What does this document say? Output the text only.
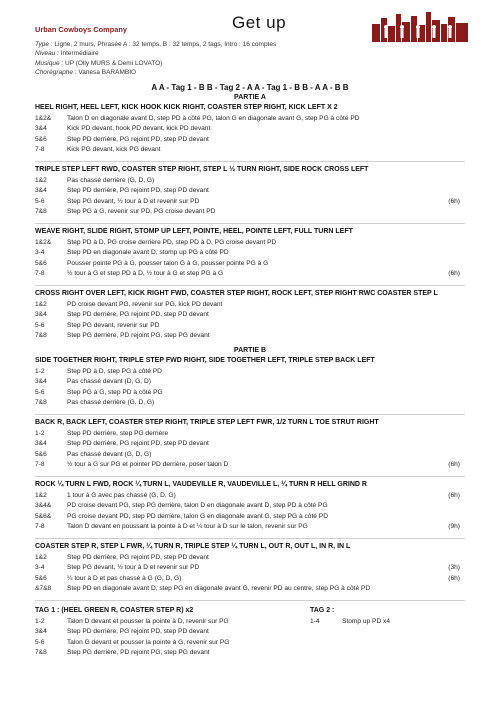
Urban Cowboys Company	Get up
Type : Ligne, 2 murs, Phrasée A : 32 temps, B : 32 temps, 2 tags, Intro : 16 comptes
Niveau : Intermédiaire
Musique : UP (Olly MURS & Demi LOVATO)
Chorégraphe : Vanesa BARAMBIO
A A - Tag 1 - B B - Tag 2 - A A - Tag 1 - B B - A A - B B
PARTIE A
HEEL RIGHT, HEEL LEFT, KICK HOOK KICK RIGHT, COASTER STEP RIGHT, KICK LEFT X 2
1&2&	Talon D en diagonale avant D, step PD à côté PG, talon G en diagonale avant G, step PG à côté PD
3&4	Kick PD devant, hook PD devant, kick PD devant
5&6	Step PD derrière, PG rejoint PD, step PD devant
7-8	Kick PG devant, kick PG devant
TRIPLE STEP LEFT RWD, COASTER STEP RIGHT, STEP L ½ TURN RIGHT, SIDE ROCK CROSS LEFT
1&2	Pas chassé derrière (G, D, G)
3&4	Step PD derrière, PG rejoint PD, step PD devant
5-6	Step PG devant, ½ tour à D et revenir sur PD	(6h)
7&8	Step PG à G, revenir sur PD, PG croise devant PD
WEAVE RIGHT, SLIDE RIGHT, STOMP UP LEFT, POINTE, HEEL, POINTE LEFT, FULL TURN LEFT
1&2&	Step PD à D, PG croise derrière PD, step PD à D, PG croise devant PD
3-4	Step PD en diagonale avant D, stomp up PG à côté PD
5&6	Pousser pointe PG à G, pousser talon G à G, pousser pointe PG à G
7-8	½ tour à G et step PD à D, ½ tour à G et step PG à G	(6h)
CROSS RIGHT OVER LEFT, KICK RIGHT FWD, COASTER STEP RIGHT, ROCK LEFT, STEP RIGHT RWC COASTER STEP L
1&2	PD croise devant PG, revenir sur PG, kick PD devant
3&4	Step PD derrière, PG rejoint PD, step PD devant
5-6	Step PG devant, revenir sur PD
7&8	Step PG derrière, PD rejoint PG, step PG devant
PARTIE B
SIDE TOGETHER RIGHT, TRIPLE STEP FWD RIGHT, SIDE TOGETHER LEFT, TRIPLE STEP BACK LEFT
1-2	Step PD à D, step PG à côté PD
3&4	Pas chassé devant (D, G, D)
5-6	Step PG à G, step PD à côté PG
7&8	Pas chassé derrière (G, D, G)
BACK R, BACK LEFT, COASTER STEP RIGHT, TRIPLE STEP LEFT FWR, 1/2 TURN L TOE STRUT RIGHT
1-2	Step PD derrière, step PG derrière
3&4	Step PD derrière, PG rejoint PD, step PD devant
5&6	Pas chassé devant (G, D, G)
7-8	½ tour à G sur PG et pointer PD derrière, poser talon D	(6h)
ROCK ¼ TURN L FWD, ROCK ¼ TURN L, VAUDEVILLE R, VAUDEVILLE L, ¼ TURN R HELL GRIND R
1&2	1 tour à G avec pas chassé (G, D, G)	(6h)
3&4&	PD croise devant PG, step PG derrière, talon D en diagonale avant D, step PD à côté PG
5&6&	PG croise devant PD, step PD derrière, talon G en diagonale avant G, step PG à côté PD
7-8	Talon D devant en poussant la pointe à D et ¼ tour à D sur le talon, revenir sur PG	(9h)
COASTER STEP R, STEP L FWR, ¼ TURN R, TRIPLE STEP ¼ TURN L, OUT R, OUT L, IN R, IN L
1&2	Step PD derrière, PG rejoint PD, step PD devant
3-4	Step PG devant, ½ tour à D et revenir sur PD	(3h)
5&6	¼ tour à D et pas chassé à G (G, D, G)	(6h)
&7&8	Step PD en diagonale avant D, step PG en diagonale avant G, revenir PD au centre, step PG à côté PD
TAG 1 : (HEEL GREEN R, COASTER STEP R) x2
1-2	Talon D devant et pousser la pointe à D, revenir sur PG
3&4	Step PD derrière, PG rejoint PD, step PD devant
5-6	Talon G devant et pousser la pointe à G, revenir sur PG
7&8	Step PG derrière, PD rejoint PG, step PG devant
TAG 2 :
1-4	Stomp up PD x4
